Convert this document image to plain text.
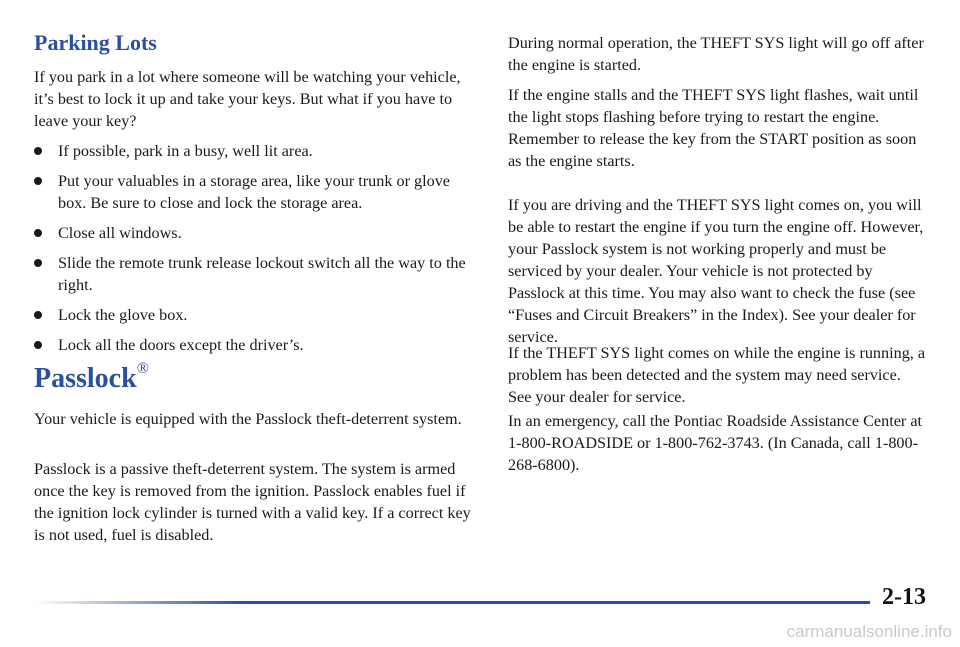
Parking Lots

If you park in a lot where someone will be watching your vehicle, it’s best to lock it up and take your keys. But what if you have to leave your key?

If possible, park in a busy, well lit area.
Put your valuables in a storage area, like your trunk or glove box. Be sure to close and lock the storage area.
Close all windows.
Slide the remote trunk release lockout switch all the way to the right.
Lock the glove box.
Lock all the doors except the driver’s.
Passlock®

Your vehicle is equipped with the Passlock theft-deterrent system.

Passlock is a passive theft-deterrent system. The system is armed once the key is removed from the ignition. Passlock enables fuel if the ignition lock cylinder is turned with a valid key. If a correct key is not used, fuel is disabled.

During normal operation, the THEFT SYS light will go off after the engine is started.

If the engine stalls and the THEFT SYS light flashes, wait until the light stops flashing before trying to restart the engine. Remember to release the key from the START position as soon as the engine starts.

If you are driving and the THEFT SYS light comes on, you will be able to restart the engine if you turn the engine off. However, your Passlock system is not working properly and must be serviced by your dealer. Your vehicle is not protected by Passlock at this time. You may also want to check the fuse (see “Fuses and Circuit Breakers” in the Index). See your dealer for service.

If the THEFT SYS light comes on while the engine is running, a problem has been detected and the system may need service. See your dealer for service.

In an emergency, call the Pontiac Roadside Assistance Center at 1-800-ROADSIDE or 1-800-762-3743. (In Canada, call 1-800-268-6800).

2-13
carmanualsonline.info
